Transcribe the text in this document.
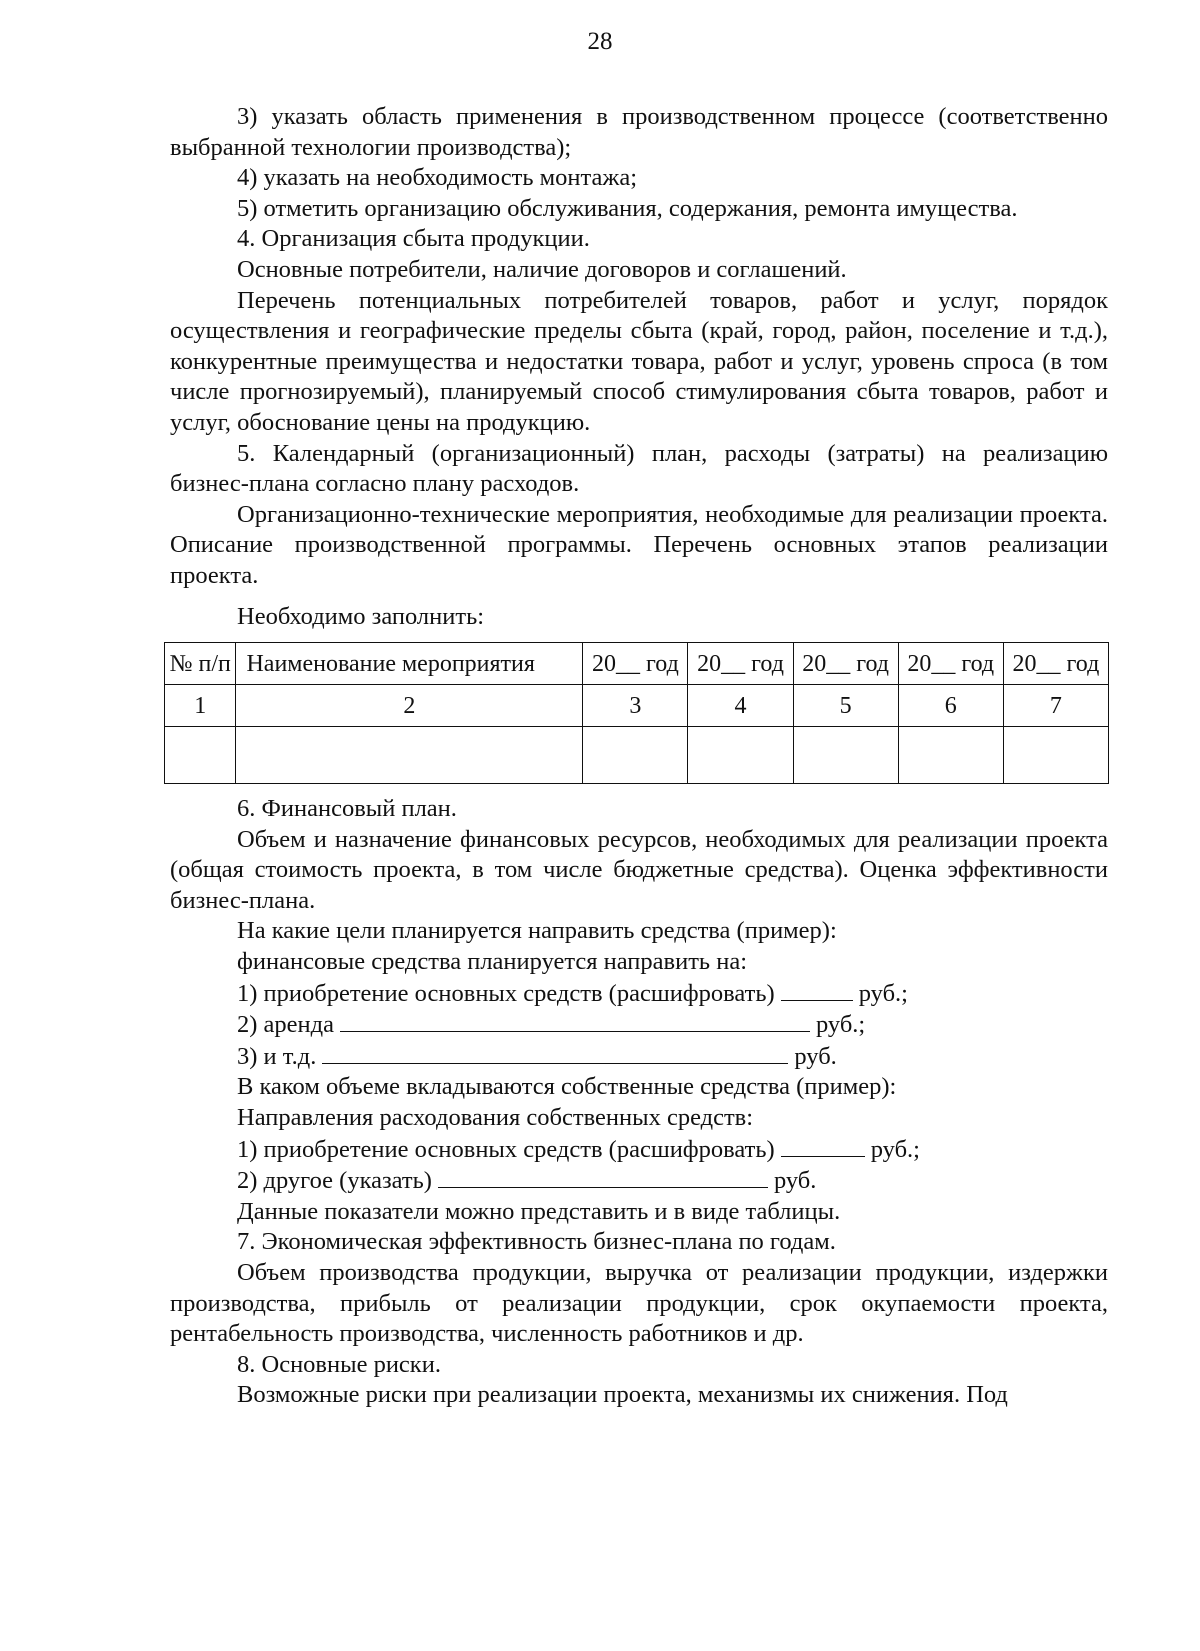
28

3) указать область применения в производственном процессе (соответственно выбранной технологии производства);

4) указать на необходимость монтажа;

5) отметить организацию обслуживания, содержания, ремонта имущества.

4. Организация сбыта продукции.

Основные потребители, наличие договоров и соглашений.

Перечень потенциальных потребителей товаров, работ и услуг, порядок осуществления и географические пределы сбыта (край, город, район, поселение и т.д.), конкурентные преимущества и недостатки товара, работ и услуг, уровень спроса (в том числе прогнозируемый), планируемый способ стимулирования сбыта товаров, работ и услуг, обоснование цены на продукцию.

5. Календарный (организационный) план, расходы (затраты) на реализацию бизнес-плана согласно плану расходов.

Организационно-технические мероприятия, необходимые для реализации проекта. Описание производственной программы. Перечень основных этапов реализации проекта.

Необходимо заполнить:

№ п/п	Наименование мероприятия	20__ год	20__ год	20__ год	20__ год	20__ год
1	2	3	4	5	6	7

6. Финансовый план.

Объем и назначение финансовых ресурсов, необходимых для реализации проекта (общая стоимость проекта, в том числе бюджетные средства). Оценка эффективности бизнес-плана.

На какие цели планируется направить средства (пример):

финансовые средства планируется направить на:

1) приобретение основных средств (расшифровать)	руб.;

2) аренда	руб.;

3) и т.д.	руб.

В каком объеме вкладываются собственные средства (пример):

Направления расходования собственных средств:

1) приобретение основных средств (расшифровать)	руб.;

2) другое (указать)	руб.

Данные показатели можно представить и в виде таблицы.

7. Экономическая эффективность бизнес-плана по годам.

Объем производства продукции, выручка от реализации продукции, издержки производства, прибыль от реализации продукции, срок окупаемости проекта, рентабельность производства, численность работников и др.

8. Основные риски.

Возможные риски при реализации проекта, механизмы их снижения. Под
